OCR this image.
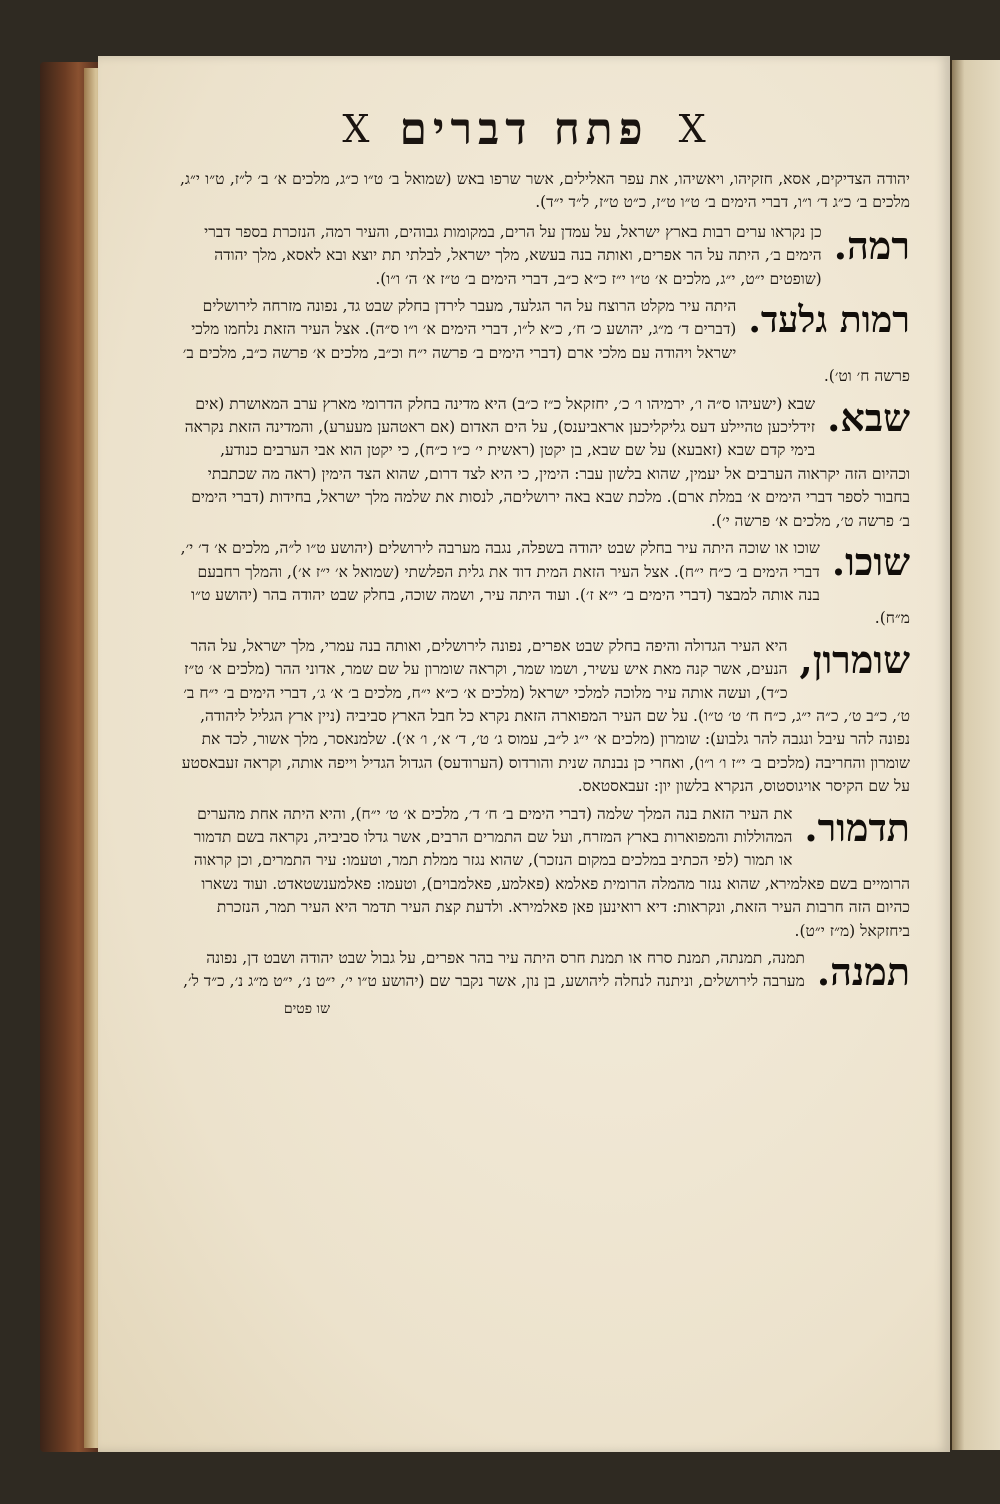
X
פתח דברים
X
יהודה הצדיקים, אסא, חזקיהו, ויאשיהו, את עפר האלילים, אשר שרפו באש (שמואל ב׳ ט״ו כ״ג, מלכים א׳ ב׳ ל״ז, ט״ו י״ג, מלכים ב׳ כ״ג ד׳ ו״ו, דברי הימים ב׳ ט״ו ט״ז, כ״ט ט״ז, ל״ד י״ד).
רמה.
כן נקראו ערים רבות בארץ ישראל, על עמדן על הרים, במקומות גבוהים, והעיר רמה, הנזכרת בספר דברי הימים ב׳, היתה על הר אפרים, ואותה בנה בעשא, מלך ישראל, לבלתי תת יוצא ובא לאסא, מלך יהודה (שופטים י״ט, י״ג, מלכים א׳ ט״ו י״ז כ״א כ״ב, דברי הימים ב׳ ט״ז א׳ ה׳ ו״ו).
רמות גלעד.
היתה עיר מקלט הרוצח על הר הגלעד, מעבר לירדן בחלק שבט גד, נפונה מזרחה לירושלים (דברים ד׳ מ״ג, יהושע כ׳ ח׳, כ״א ל״ו, דברי הימים א׳ ו״ו ס״ה). אצל העיר הזאת נלחמו מלכי ישראל ויהודה עם מלכי ארם (דברי הימים ב׳ פרשה י״ח וכ״ב, מלכים א׳ פרשה כ״ב, מלכים ב׳ פרשה ח׳ וט׳).
שבא.
שבא (ישעיהו ס״ה ו׳, ירמיהו ו׳ כ׳, יחזקאל כ״ז כ״ב) היא מדינה בחלק הדרומי מארץ ערב המאושרת (אים זידליכען טהיילע דעס גליקליכען אראביענס), על הים האדום (אם ראטהען מעערע), והמדינה הזאת נקראה בימי קדם שבא (זאבעא) על שם שבא, בן יקטן (ראשית י׳ כ״ו כ״ח), כי יקטן הוא אבי הערבים כנודע, וכהיום הזה יקראוה הערבים אל יעמין, שהוא בלשון עבר: הימין, כי היא לצד דרום, שהוא הצד הימין (ראה מה שכתבתי בחבור לספר דברי הימים א׳ במלת ארם). מלכת שבא באה ירושליםה, לנסות את שלמה מלך ישראל, בחידות (דברי הימים ב׳ פרשה ט׳, מלכים א׳ פרשה י׳).
שוכו.
שוכו או שוכה היתה עיר בחלק שבט יהודה בשפלה, נגבה מערבה לירושלים (יהושע ט״ו ל״ה, מלכים א׳ ד׳ י׳, דברי הימים ב׳ כ״ח י״ח). אצל העיר הזאת המית דוד את גלית הפלשתי (שמואל א׳ י״ז א׳), והמלך רחבעם בנה אותה למבצר (דברי הימים ב׳ י״א ז׳). ועוד היתה עיר, ושמה שוכה, בחלק שבט יהודה בהר (יהושע ט״ו מ״ח).
שומרון,
היא העיר הגדולה והיפה בחלק שבט אפרים, נפונה לירושלים, ואותה בנה עמרי, מלך ישראל, על ההר הנעים, אשר קנה מאת איש עשיר, ושמו שמר, וקראה שומרון על שם שמר, אדוני ההר (מלכים א׳ ט״ז כ״ד), ועשה אותה עיר מלוכה למלכי ישראל (מלכים א׳ כ״א י״ח, מלכים ב׳ א׳ ג׳, דברי הימים ב׳ י״ח ב׳ ט׳, כ״ב ט׳, כ״ה י״ג, כ״ח ח׳ ט׳ ט״ו). על שם העיר המפוארה הזאת נקרא כל חבל הארץ סביביה (ניין ארץ הגליל ליהודה, נפונה להר עיבל ונגבה להר גלבוע): שומרון (מלכים א׳ י״ג ל״ב, עמוס ג׳ ט׳, ד׳ א׳, ו׳ א׳). שלמנאסר, מלך אשור, לכד את שומרון והחריבה (מלכים ב׳ י״ז ו׳ ו״ו), ואחרי כן נבנתה שנית והורדוס (הערודעס) הגדול הגדיל וייפה אותה, וקראה זעבאסטע על שם הקיסר אויגוסטוס, הנקרא בלשון יון: זעבאסטאס.
תדמור.
את העיר הזאת בנה המלך שלמה (דברי הימים ב׳ ח׳ ד׳, מלכים א׳ ט׳ י״ח), והיא היתה אחת מהערים המהוללות והמפוארות בארץ המזרח, ועל שם התמרים הרבים, אשר גדלו סביביה, נקראה בשם תדמור או תמור (לפי הכתיב במלכים במקום הנזכר), שהוא נגזר ממלת תמר, וטעמו: עיר התמרים, וכן קראוה הרומיים בשם פאלמירא, שהוא נגזר מהמלה הרומית פאלמא (פאלמע, פאלמבוים), וטעמו: פאלמענשטאדט. ועוד נשארו כהיום הזה חרבות העיר הזאת, ונקראות: דיא רואינען פאן פאלמירא. ולדעת קצת העיר תדמר היא העיר תמר, הנזכרת ביחזקאל (מ״ז י״ט).
תמנה.
תמנה, תמנתה, תמנת סרח או תמנת חרס היתה עיר בהר אפרים, על גבול שבט יהודה ושבט דן, נפונה מערבה לירושלים, וניתנה לנחלה ליהושע, בן נון, אשר נקבר שם (יהושע ט״ו י׳, י״ט נ׳, י״ט מ״ג נ׳, כ״ד ל׳,
שו פטים
